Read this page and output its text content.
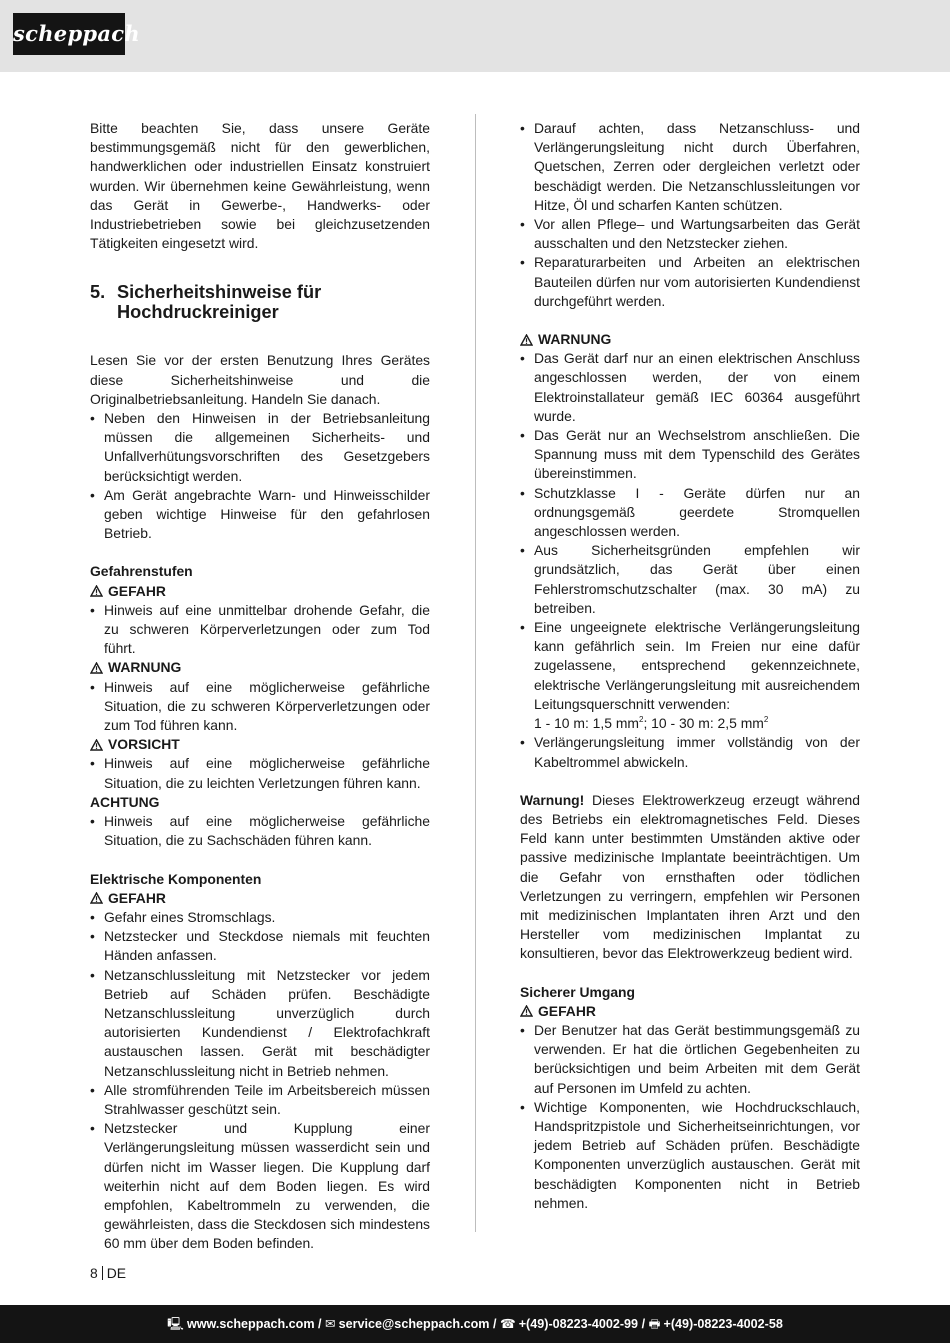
scheppach

Bitte beachten Sie, dass unsere Geräte bestimmungsgemäß nicht für den gewerblichen, handwerklichen oder industriellen Einsatz konstruiert wurden. Wir übernehmen keine Gewährleistung, wenn das Gerät in Gewerbe-, Handwerks- oder Industriebetrieben sowie bei gleichzusetzenden Tätigkeiten eingesetzt wird.

5. Sicherheitshinweise für
Hochdruckreiniger

Lesen Sie vor der ersten Benutzung Ihres Gerätes diese Sicherheitshinweise und die Originalbetriebsanleitung. Handeln Sie danach.

• Neben den Hinweisen in der Betriebsanleitung müssen die allgemeinen Sicherheits- und Unfallverhütungsvorschriften des Gesetzgebers berücksichtigt werden.
• Am Gerät angebrachte Warn- und Hinweisschilder geben wichtige Hinweise für den gefahrlosen Betrieb.

Gefahrenstufen

GEFAHR
• Hinweis auf eine unmittelbar drohende Gefahr, die zu schweren Körperverletzungen oder zum Tod führt.
WARNUNG
• Hinweis auf eine möglicherweise gefährliche Situation, die zu schweren Körperverletzungen oder zum Tod führen kann.
VORSICHT
• Hinweis auf eine möglicherweise gefährliche Situation, die zu leichten Verletzungen führen kann.

ACHTUNG

• Hinweis auf eine möglicherweise gefährliche Situation, die zu Sachschäden führen kann.

Elektrische Komponenten

GEFAHR
• Gefahr eines Stromschlags.
• Netzstecker und Steckdose niemals mit feuchten Händen anfassen.
• Netzanschlussleitung mit Netzstecker vor jedem Betrieb auf Schäden prüfen. Beschädigte Netzanschlussleitung unverzüglich durch autorisierten Kundendienst / Elektrofachkraft austauschen lassen. Gerät mit beschädigter Netzanschlussleitung nicht in Betrieb nehmen.
• Alle stromführenden Teile im Arbeitsbereich müssen Strahlwasser geschützt sein.
• Netzstecker und Kupplung einer Verlängerungsleitung müssen wasserdicht sein und dürfen nicht im Wasser liegen. Die Kupplung darf weiterhin nicht auf dem Boden liegen. Es wird empfohlen, Kabeltrommeln zu verwenden, die gewährleisten, dass die Steckdosen sich mindestens 60 mm über dem Boden befinden.
• Darauf achten, dass Netzanschluss- und Verlängerungsleitung nicht durch Überfahren, Quetschen, Zerren oder dergleichen verletzt oder beschädigt werden. Die Netzanschlussleitungen vor Hitze, Öl und scharfen Kanten schützen.
• Vor allen Pflege– und Wartungsarbeiten das Gerät ausschalten und den Netzstecker ziehen.
• Reparaturarbeiten und Arbeiten an elektrischen Bauteilen dürfen nur vom autorisierten Kundendienst durchgeführt werden.
WARNUNG
• Das Gerät darf nur an einen elektrischen Anschluss angeschlossen werden, der von einem Elektroinstallateur gemäß IEC 60364 ausgeführt wurde.
• Das Gerät nur an Wechselstrom anschließen. Die Spannung muss mit dem Typenschild des Gerätes übereinstimmen.
• Schutzklasse I - Geräte dürfen nur an ordnungsgemäß geerdete Stromquellen angeschlossen werden.
• Aus Sicherheitsgründen empfehlen wir grundsätzlich, das Gerät über einen Fehlerstromschutzschalter (max. 30 mA) zu betreiben.
• Eine ungeeignete elektrische Verlängerungsleitung kann gefährlich sein. Im Freien nur eine dafür zugelassene, entsprechend gekennzeichnete, elektrische Verlängerungsleitung mit ausreichendem Leitungsquerschnitt verwenden:
1 - 10 m: 1,5 $mm^2$; 10 - 30 m: 2,5 $mm^2$
• Verlängerungsleitung immer vollständig von der Kabeltrommel abwickeln.

Warnung! Dieses Elektrowerkzeug erzeugt während des Betriebs ein elektromagnetisches Feld. Dieses Feld kann unter bestimmten Umständen aktive oder passive medizinische Implantate beeinträchtigen. Um die Gefahr von ernsthaften oder tödlichen Verletzungen zu verringern, empfehlen wir Personen mit medizinischen Implantaten ihren Arzt und den Hersteller vom medizinischen Implantat zu konsultieren, bevor das Elektrowerkzeug bedient wird.

Sicherer Umgang

GEFAHR
• Der Benutzer hat das Gerät bestimmungsgemäß zu verwenden. Er hat die örtlichen Gegebenheiten zu berücksichtigen und beim Arbeiten mit dem Gerät auf Personen im Umfeld zu achten.
• Wichtige Komponenten, wie Hochdruckschlauch, Handspritzpistole und Sicherheitseinrichtungen, vor jedem Betrieb auf Schäden prüfen. Beschädigte Komponenten unverzüglich austauschen. Gerät mit beschädigten Komponenten nicht in Betrieb nehmen.
8 DE
🖳 www.scheppach.com / ✉ service@scheppach.com / ☎ +(49)-08223-4002-99 / 🖶 +(49)-08223-4002-58
